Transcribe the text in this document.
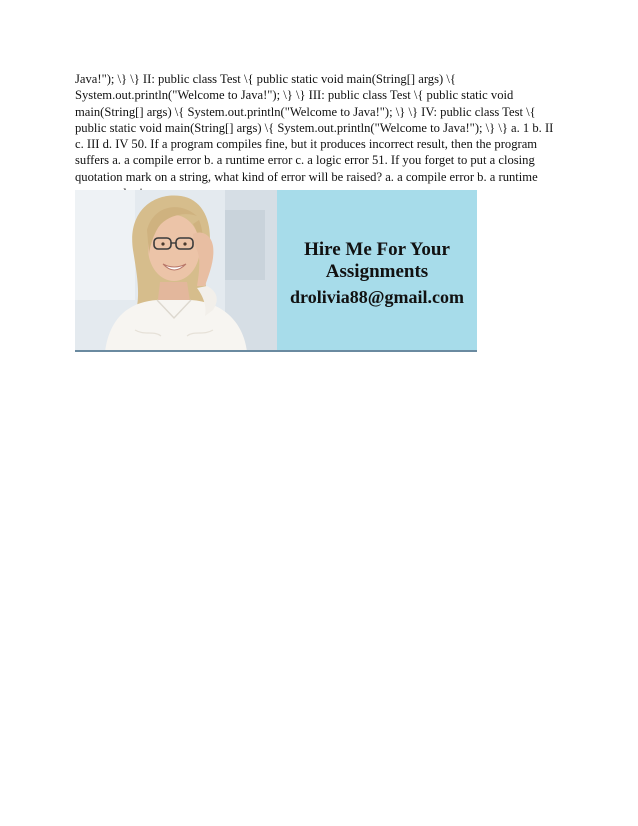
Java!"); \} \} II: public class Test \{ public static void main(String[] args) \{ System.out.println("Welcome to Java!"); \} \} III: public class Test \{ public static void main(String[] args) \{ System.out.println("Welcome to Java!"); \} \} IV: public class Test \{ public static void main(String[] args) \{ System.out.println("Welcome to Java!"); \} \} a. 1 b. II c. III d. IV 50. If a program compiles fine, but it produces incorrect result, then the program suffers a. a compile error b. a runtime error c. a logic error 51. If you forget to put a closing quotation mark on a string, what kind of error will be raised? a. a compile error b. a runtime

Hire Me For Your Assignments

drolivia88@gmail.com
